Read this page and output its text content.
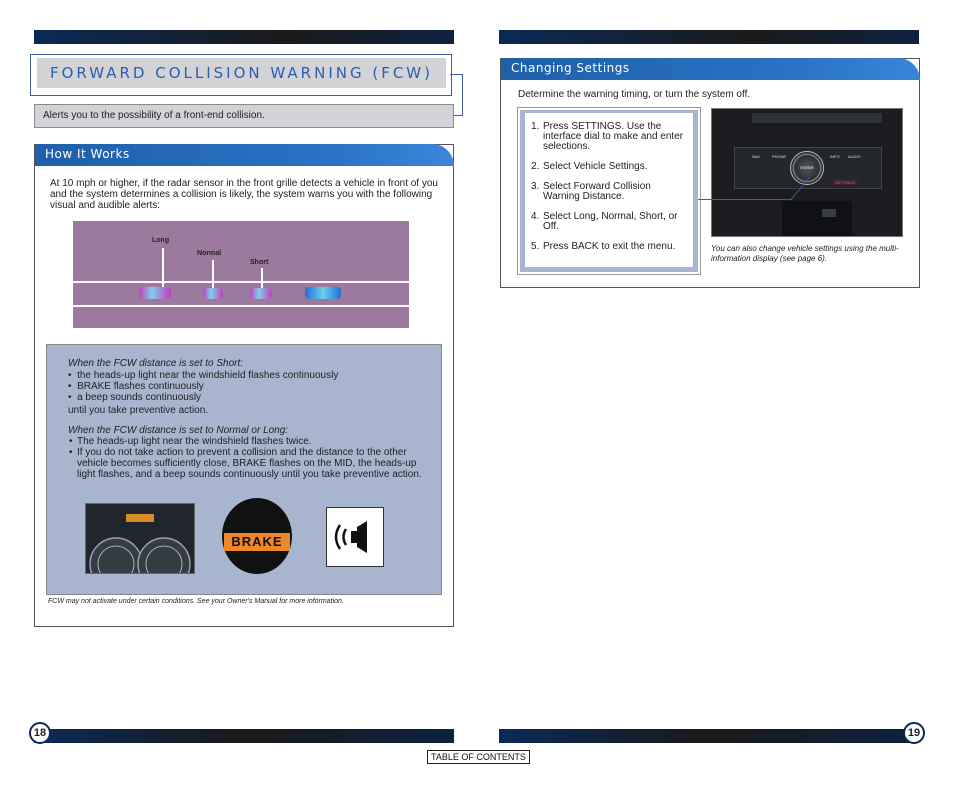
FORWARD COLLISION WARNING (FCW)
Alerts you to the possibility of a front-end collision.
How It Works
At 10 mph or higher, if the radar sensor in the front grille detects a vehicle in front of you and the system determines a collision is likely, the system warns you with the following visual and audible alerts:
Long
Normal
Short
When the FCW distance is set to Short:
•  the heads-up light near the windshield flashes continuously
•  BRAKE flashes continuously
•  a beep sounds continuously
until you take preventive action.
When the FCW distance is set to Normal or Long:
• The heads-up light near the windshield flashes twice.
• If you do not take action to prevent a collision and the distance to the other vehicle becomes sufficiently close, BRAKE flashes on the MID, the heads-up light flashes, and a beep sounds continuously until you take preventive action.
BRAKE
FCW may not activate under certain conditions. See your Owner's Manual for more information.
Changing Settings
Determine the warning timing, or turn the system off.
1. Press SETTINGS. Use the interface dial to make and enter selections.
2. Select Vehicle Settings.
3. Select Forward Collision Warning Distance.
4. Select Long, Normal, Short, or Off.
5. Press BACK to exit the menu.
NAV	PHONE	INFO AUDIO
SETTINGS
ENTER
You can also change vehicle settings using the multi-information display (see page 6).
18	19
TABLE OF CONTENTS
